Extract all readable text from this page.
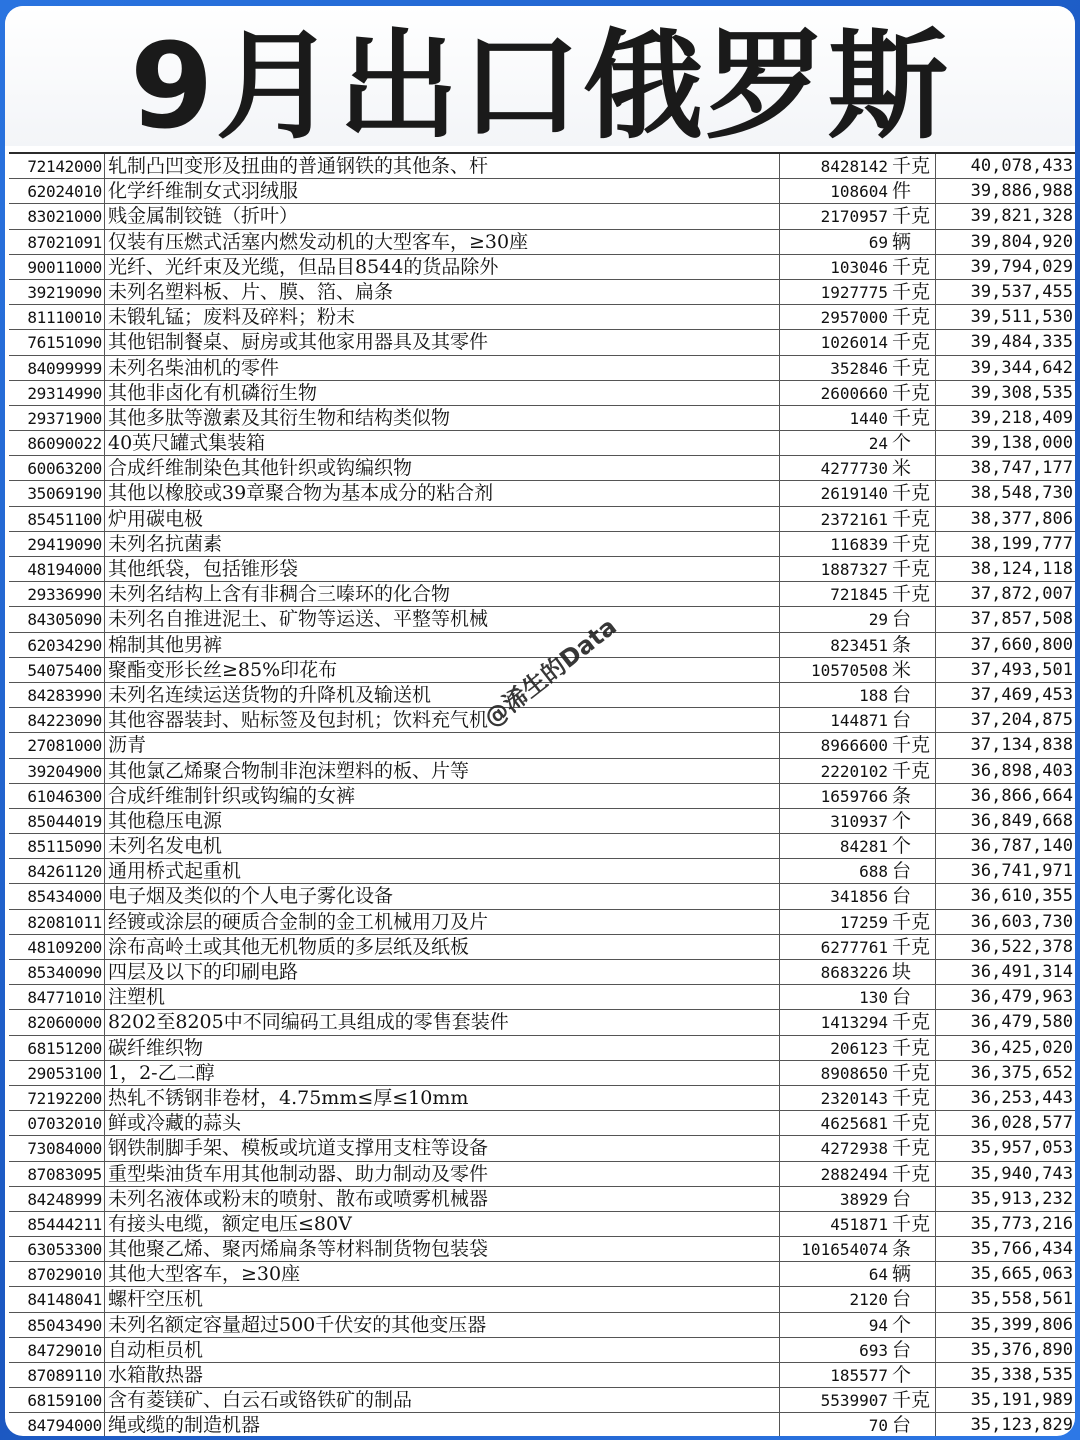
9月出口俄罗斯
72142000 轧制凸凹变形及扭曲的普通钢铁的其他条、杆	8428142 千克	40,078,433
62024010 化学纤维制女式羽绒服	108604 件	39,886,988
83021000 贱金属制铰链（折叶）	2170957 千克	39,821,328
87021091 仅装有压燃式活塞内燃发动机的大型客车，≥30座	69 辆	39,804,920
90011000 光纤、光纤束及光缆，但品目8544的货品除外	103046 千克	39,794,029
39219090 未列名塑料板、片、膜、箔、扁条	1927775 千克	39,537,455
81110010 未锻轧锰；废料及碎料；粉末	2957000 千克	39,511,530
76151090 其他铝制餐桌、厨房或其他家用器具及其零件	1026014 千克	39,484,335
84099999 未列名柴油机的零件	352846 千克	39,344,642
29314990 其他非卤化有机磷衍生物	2600660 千克	39,308,535
29371900 其他多肽等激素及其衍生物和结构类似物	1440 千克	39,218,409
86090022 40英尺罐式集装箱	24 个	39,138,000
60063200 合成纤维制染色其他针织或钩编织物	4277730 米	38,747,177
35069190 其他以橡胶或39章聚合物为基本成分的粘合剂	2619140 千克	38,548,730
85451100 炉用碳电极	2372161 千克	38,377,806
29419090 未列名抗菌素	116839 千克	38,199,777
48194000 其他纸袋，包括锥形袋	1887327 千克	38,124,118
29336990 未列名结构上含有非稠合三嗪环的化合物	721845 千克	37,872,007
84305090 未列名自推进泥土、矿物等运送、平整等机械	29 台	37,857,508
62034290 棉制其他男裤	823451 条	37,660,800
54075400 聚酯变形长丝≥85%印花布	10570508 米	37,493,501
84283990 未列名连续运送货物的升降机及输送机	188 台	37,469,453
84223090 其他容器装封、贴标签及包封机；饮料充气机	144871 台	37,204,875
27081000 沥青	8966600 千克	37,134,838
39204900 其他氯乙烯聚合物制非泡沫塑料的板、片等	2220102 千克	36,898,403
61046300 合成纤维制针织或钩编的女裤	1659766 条	36,866,664
85044019 其他稳压电源	310937 个	36,849,668
85115090 未列名发电机	84281 个	36,787,140
84261120 通用桥式起重机	688 台	36,741,971
85434000 电子烟及类似的个人电子雾化设备	341856 台	36,610,355
82081011 经镀或涂层的硬质合金制的金工机械用刀及片	17259 千克	36,603,730
48109200 涂布高岭土或其他无机物质的多层纸及纸板	6277761 千克	36,522,378
85340090 四层及以下的印刷电路	8683226 块	36,491,314
84771010 注塑机	130 台	36,479,963
82060000 8202至8205中不同编码工具组成的零售套装件	1413294 千克	36,479,580
68151200 碳纤维织物	206123 千克	36,425,020
29053100 1，2-乙二醇	8908650 千克	36,375,652
72192200 热轧不锈钢非卷材，4.75mm≤厚≤10mm	2320143 千克	36,253,443
07032010 鲜或冷藏的蒜头	4625681 千克	36,028,577
73084000 钢铁制脚手架、模板或坑道支撑用支柱等设备	4272938 千克	35,957,053
87083095 重型柴油货车用其他制动器、助力制动及零件	2882494 千克	35,940,743
84248999 未列名液体或粉末的喷射、散布或喷雾机械器	38929 台	35,913,232
85444211 有接头电缆，额定电压≤80V	451871 千克	35,773,216
63053300 其他聚乙烯、聚丙烯扁条等材料制货物包装袋	101654074 条	35,766,434
87029010 其他大型客车，≥30座	64 辆	35,665,063
84148041 螺杆空压机	2120 台	35,558,561
85043490 未列名额定容量超过500千伏安的其他变压器	94 个	35,399,806
84729010 自动柜员机	693 台	35,376,890
87089110 水箱散热器	185577 个	35,338,535
68159100 含有菱镁矿、白云石或铬铁矿的制品	5539907 千克	35,191,989
84794000 绳或缆的制造机器	70 台	35,123,829
@浠生的Data
